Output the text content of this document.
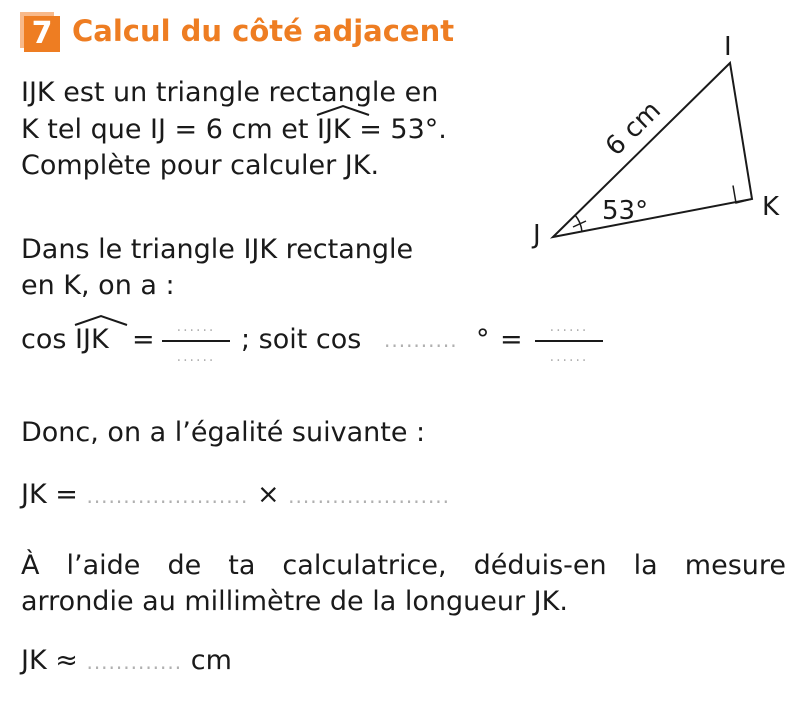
7 Calcul du côté adjacent
IJK est un triangle rectangle en
K tel que IJ = 6 cm et
IJK = 53°.
Complète pour calculer JK.
53°
6 cm
I
J
K
Dans le triangle IJK rectangle
en K, on a :
cos
IJK =	......
......
; soit cos .......... ° =	......
......
Donc, on a l’égalité suivante :
JK = ...................... × ......................
À l’aide de ta calculatrice, déduis-en la mesure
arrondie au millimètre de la longueur JK.
JK ≈ ............. cm
